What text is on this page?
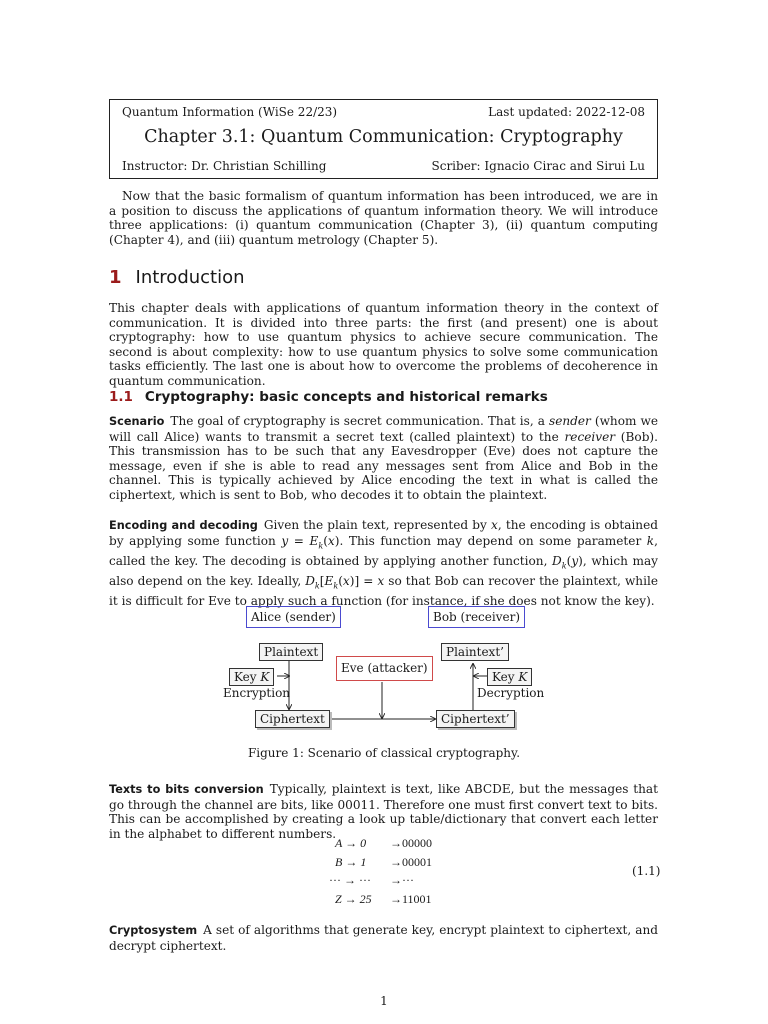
Quantum Information (WiSe 22/23)	Last updated: 2022-12-08
Chapter 3.1: Quantum Communication: Cryptography
Instructor: Dr. Christian Schilling	Scriber: Ignacio Cirac and Sirui Lu
Now that the basic formalism of quantum information has been introduced, we are in a position to discuss the applications of quantum information theory. We will introduce three applications: (i) quantum communication (Chapter 3), (ii) quantum computing (Chapter 4), and (iii) quantum metrology (Chapter 5).
1 Introduction
This chapter deals with applications of quantum information theory in the context of communication. It is divided into three parts: the first (and present) one is about cryptography: how to use quantum physics to achieve secure communication. The second is about complexity: how to use quantum physics to solve some communication tasks efficiently. The last one is about how to overcome the problems of decoherence in quantum communication.
1.1 Cryptography: basic concepts and historical remarks
Scenario The goal of cryptography is secret communication. That is, a sender (whom we will call Alice) wants to transmit a secret text (called plaintext) to the receiver (Bob). This transmission has to be such that any Eavesdropper (Eve) does not capture the message, even if she is able to read any messages sent from Alice and Bob in the channel. This is typically achieved by Alice encoding the text in what is called the ciphertext, which is sent to Bob, who decodes it to obtain the plaintext.
Encoding and decoding Given the plain text, represented by x, the encoding is obtained by applying some function $y = E_k(x)$. This function may depend on some parameter k, called the key. The decoding is obtained by applying another function, $D_k(y)$, which may also depend on the key. Ideally, $D_k[E_k(x)] = x$ so that Bob can recover the plaintext, while it is difficult for Eve to apply such a function (for instance, if she does not know the key).
Alice (sender)	Bob (receiver)
Plaintext	Plaintext’
Eve (attacker)
Key K	Key K
Encryption	Decryption
Ciphertext	Ciphertext’
Figure 1: Scenario of classical cryptography.
Texts to bits conversion Typically, plaintext is text, like ABCDE, but the messages that go through the channel are bits, like 00011. Therefore one must first convert text to bits. This can be accomplished by creating a look up table/dictionary that convert each letter in the alphabet to different numbers.
A → 0 →00000
B → 1 →00001
··· → ··· →···
Z → 25 →11001
(1.1)
Cryptosystem A set of algorithms that generate key, encrypt plaintext to ciphertext, and decrypt ciphertext.
1
